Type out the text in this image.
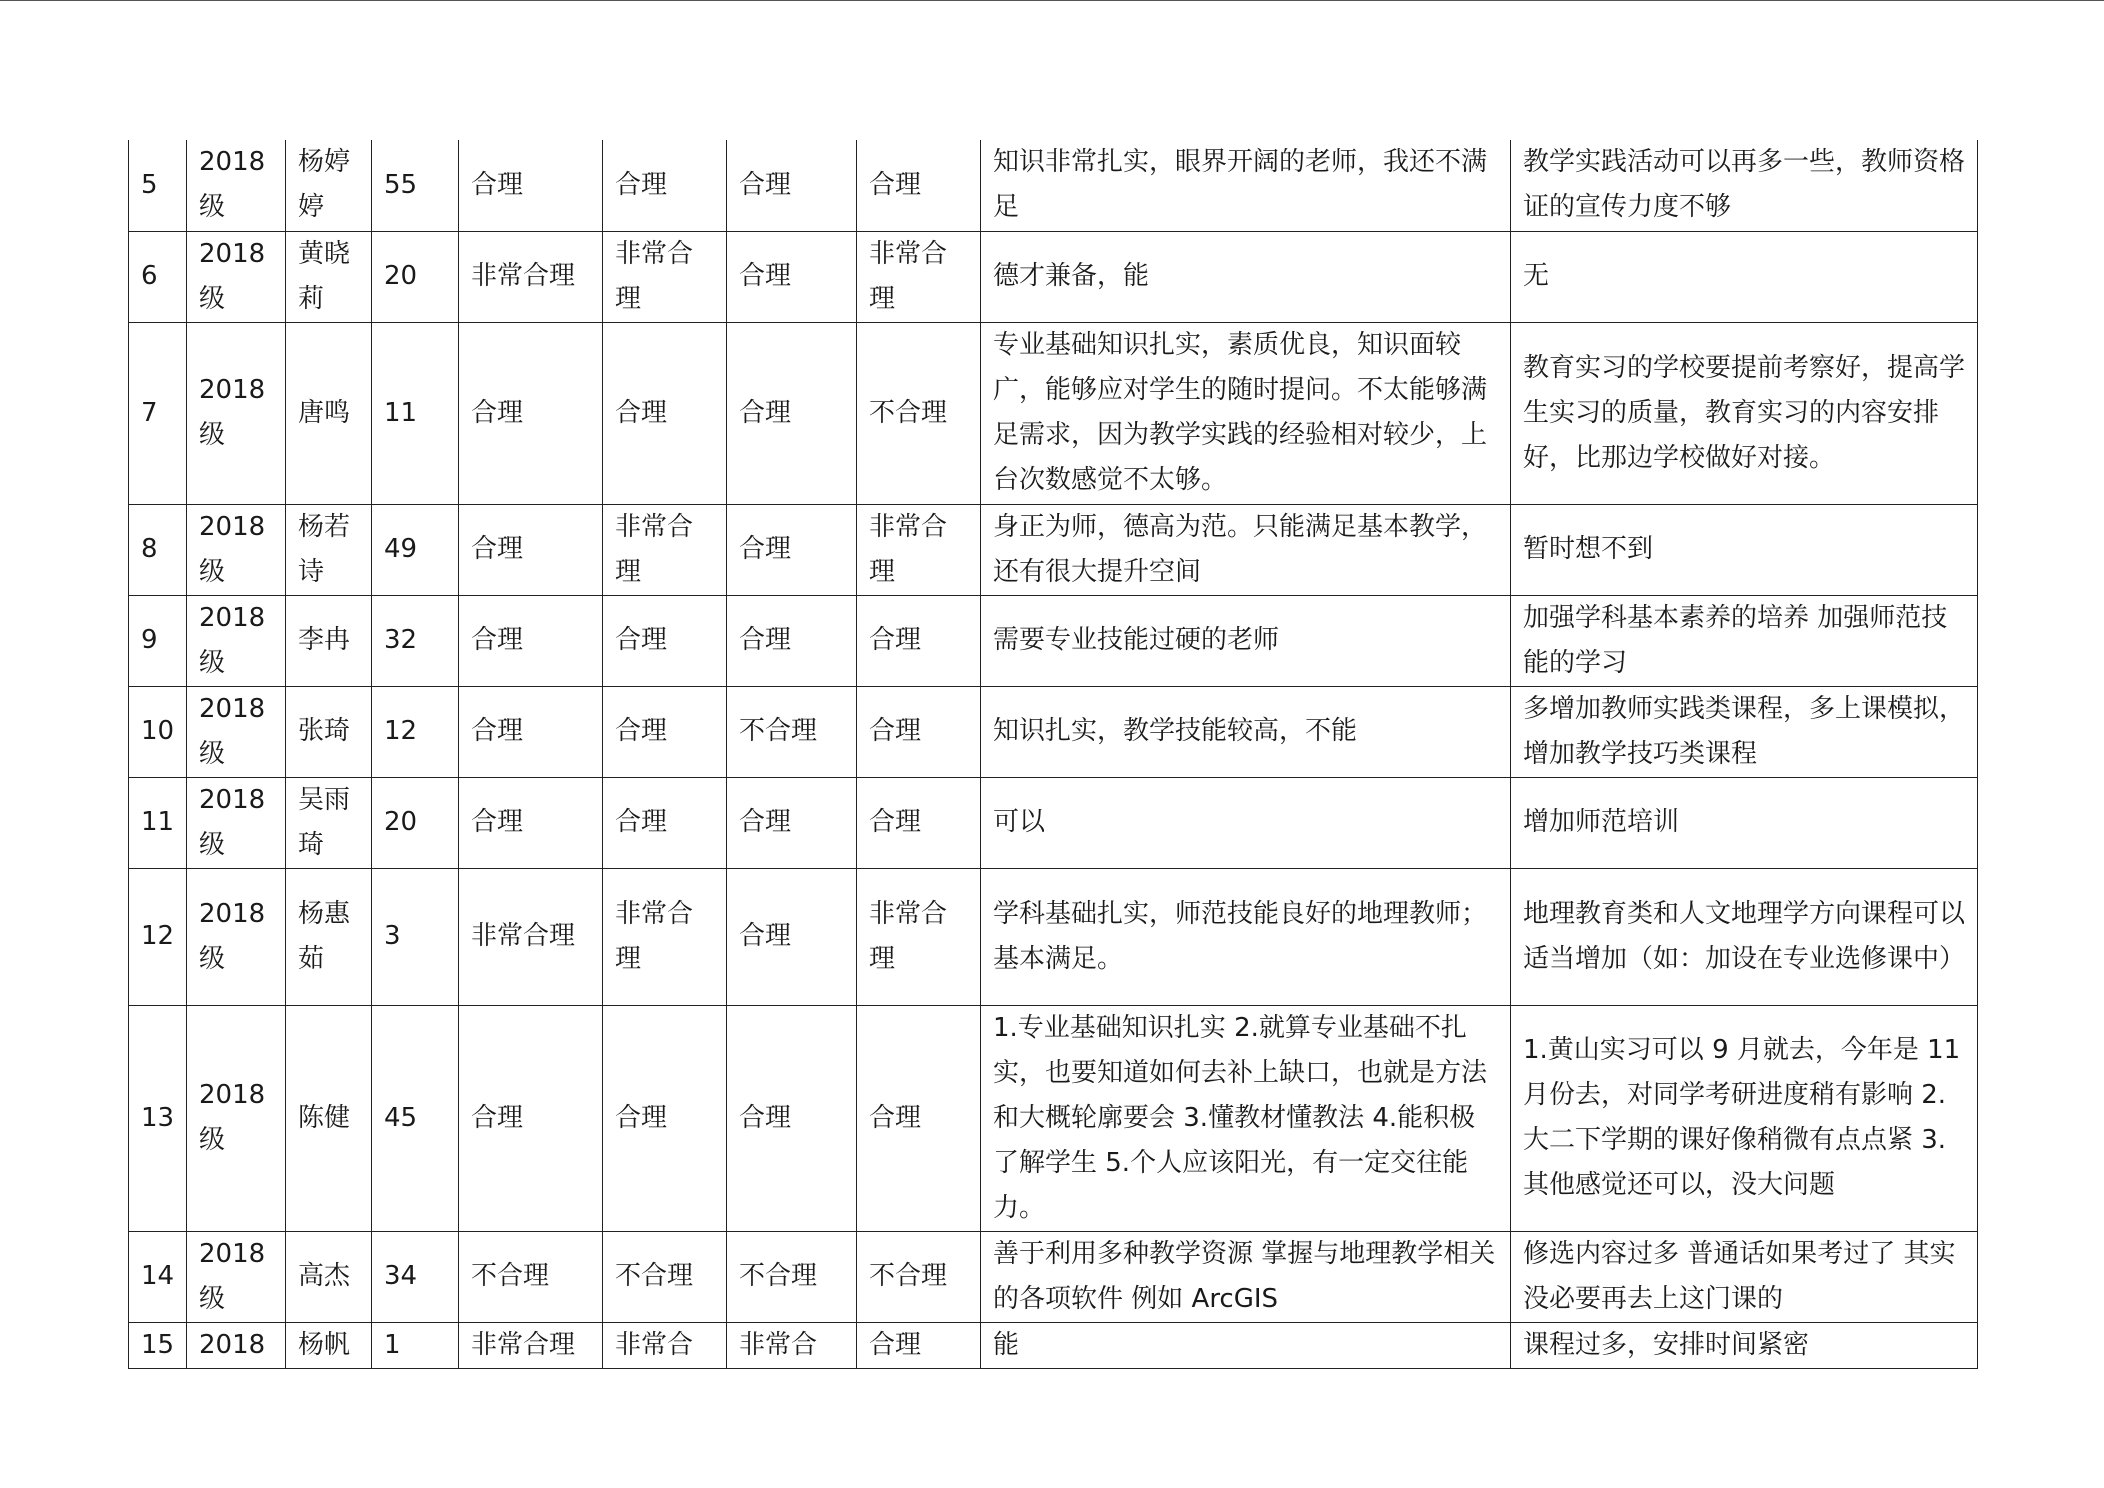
5	2018级	杨婷婷	55	合理	合理	合理	合理	知识非常扎实，眼界开阔的老师，我还不满足	教学实践活动可以再多一些，教师资格证的宣传力度不够
6	2018级	黄晓莉	20	非常合理	非常合理	合理	非常合理	德才兼备，能	无
7	2018级	唐鸣	11	合理	合理	合理	不合理	专业基础知识扎实，素质优良，知识面较广，能够应对学生的随时提问。不太能够满足需求，因为教学实践的经验相对较少，上台次数感觉不太够。	教育实习的学校要提前考察好，提高学生实习的质量，教育实习的内容安排好，比那边学校做好对接。
8	2018级	杨若诗	49	合理	非常合理	合理	非常合理	身正为师，德高为范。只能满足基本教学，还有很大提升空间	暂时想不到
9	2018级	李冉	32	合理	合理	合理	合理	需要专业技能过硬的老师	加强学科基本素养的培养 加强师范技能的学习
10	2018级	张琦	12	合理	合理	不合理	合理	知识扎实，教学技能较高，不能	多增加教师实践类课程，多上课模拟，增加教学技巧类课程
11	2018级	吴雨琦	20	合理	合理	合理	合理	可以	增加师范培训
12	2018级	杨惠茹	3	非常合理	非常合理	合理	非常合理	学科基础扎实，师范技能良好的地理教师；基本满足。	地理教育类和人文地理学方向课程可以适当增加（如：加设在专业选修课中）
13	2018级	陈健	45	合理	合理	合理	合理	1.专业基础知识扎实 2.就算专业基础不扎实，也要知道如何去补上缺口，也就是方法和大概轮廓要会 3.懂教材懂教法 4.能积极了解学生 5.个人应该阳光，有一定交往能力。	1.黄山实习可以 9 月就去，今年是 11 月份去，对同学考研进度稍有影响 2.大二下学期的课好像稍微有点点紧 3.其他感觉还可以，没大问题
14	2018级	高杰	34	不合理	不合理	不合理	不合理	善于利用多种教学资源 掌握与地理教学相关的各项软件 例如 ArcGIS	修选内容过多 普通话如果考过了 其实没必要再去上这门课的
15	2018	杨帆	1	非常合理	非常合	非常合	合理	能	课程过多，安排时间紧密
